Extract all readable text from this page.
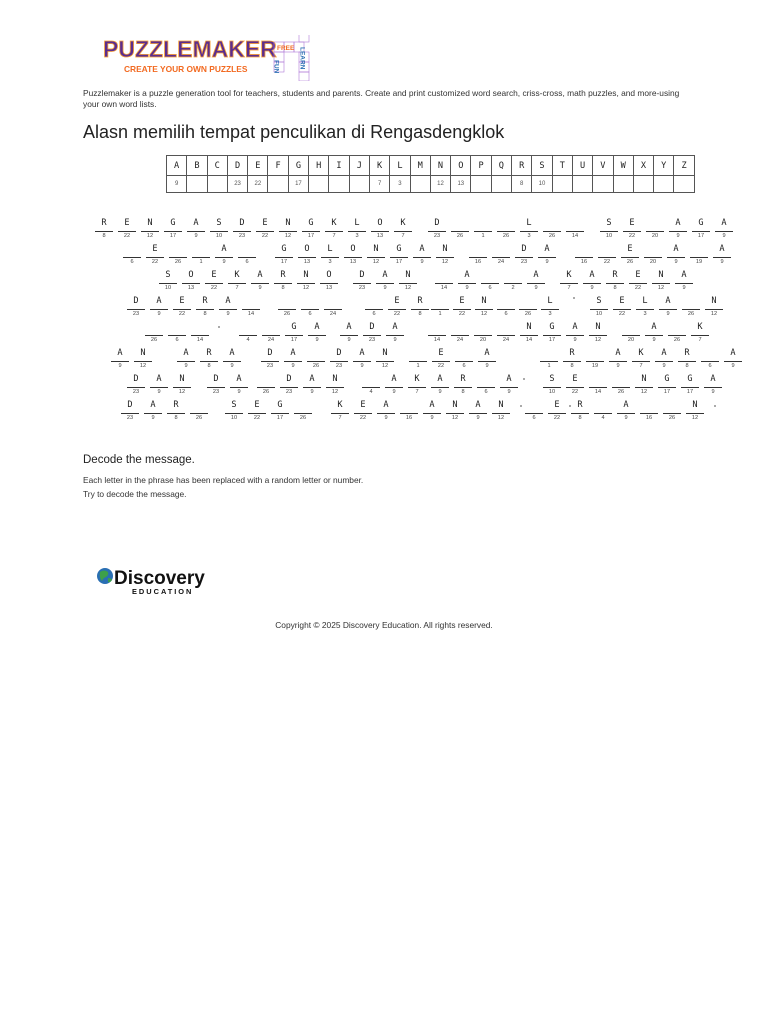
PUZZLEMAKER
CREATE YOUR OWN PUZZLES
FREE
FUN	LEARN
Puzzlemaker is a puzzle generation tool for teachers, students and parents. Create and print customized word search, criss-cross, math puzzles, and more-using your own word lists.
Alasn memilih tempat penculikan di Rengasdengklok
A	B	C	D	E	F	G	H	I	J	K	L	M	N	O	P	Q	R	S	T	U	V	W	X	Y	Z
9			23	22		17				7	3		12	13			8	10							
R
8
E
22
N
12
G
17
A
9
S
10
D
23
E
22
N
12
G
17
K
7
L
3
O
13
K
7
D
23	26	1	26
L
3	26	14
S
10
E
22	20
A
9
G
17
A
9
6
E
22	26	1
A
9	6
G
17
O
13
L
3
O
13
N
12
G
17
A
9
N
12	16	24
D
23
A
9	16	22
E
26	20
A
9	19
A
9
S
10
O
13
E
22
K
7
A
9
R
8
N
12
O
13
D
23
A
9
N
12	14
A
9	6	2
A
9
K
7
A
9
R
8
E
22
N
12
A
9
D
23
A
9
E
22
R
8
A
9	14	26	6	24	6
E
22
R
8	1
E
22
N
12	6	26
L
3
S
10
E
22
L
3
A
9	26
N
12
26	6	14	4	24
G
17
A
9
A
9
D
23
A
9	14	24	20	24
N
14
G
17
A
9
N
12	20
A
9	26
K
7
A
9
N
12
A
9
R
8
A
9
D
23
A
9	26
D
23
A
9
N
12	1
E
22	6
A
9	1
R
8	19
A
9
K
7
A
9
R
8	6
A
9
D
23
A
9
N
12
D
23
A
9	26
D
23
A
9
N
12	4
A
9
K
7
A
9
R
8	6
A
9
S
10
E
22	14	26
N
12
G
17
G
17
A
9
D
23
A
9
R
8	26
S
10
E
22
G
17	26
K
7
E
22
A
9	16
A
9
N
12
A
9
N
12	6
E
22
R
8	4
A
9	16	26
N
12
Decode the message.
Each letter in the phrase has been replaced with a random letter or number.
Try to decode the message.
Discovery
EDUCATION
Copyright © 2025 Discovery Education. All rights reserved.
